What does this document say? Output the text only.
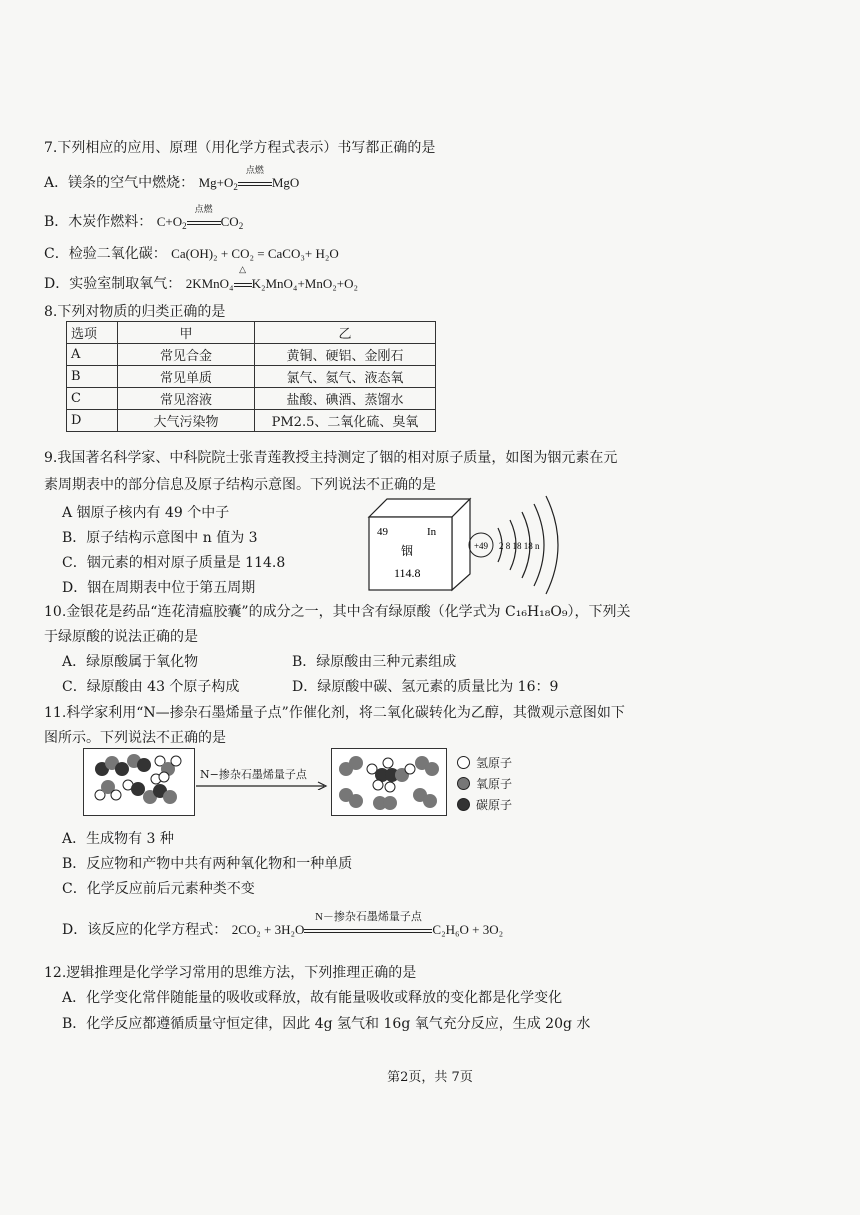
7.下列相应的应用、原理（用化学方程式表示）书写都正确的是
A．镁条的空气中燃烧： $Mg+O_2$
点燃
MgO
B．木炭作燃料： $C+O_2$
点燃
$CO_2$
C．检验二氧化碳： Ca(OH)₂ + CO₂ = CaCO₃+ H₂O
D．实验室制取氧气： 2KMnO₄
△
K₂MnO₄+MnO₂+O₂
8.下列对物质的归类正确的是
选项	甲	乙
A	常见合金	黄铜、硬铝、金刚石
B	常见单质	氯气、氦气、液态氧
C	常见溶液	盐酸、碘酒、蒸馏水
D	大气污染物	PM2.5、二氧化硫、臭氧
9.我国著名科学家、中科院院士张青莲教授主持测定了铟的相对原子质量，如图为铟元素在元
素周期表中的部分信息及原子结构示意图。下列说法不正确的是
A 铟原子核内有 49 个中子
B．原子结构示意图中 n 值为 3
C．铟元素的相对原子质量是 114.8
D．铟在周期表中位于第五周期
49	In
铟
114.8
+49 2 8 18 18 n
10.金银花是药品“连花清瘟胶囊”的成分之一，其中含有绿原酸（化学式为 C₁₆H₁₈O₉），下列关
于绿原酸的说法正确的是
A．绿原酸属于氧化物	B．绿原酸由三种元素组成
C．绿原酸由 43 个原子构成	D．绿原酸中碳、氢元素的质量比为 16：9
11.科学家利用“N—掺杂石墨烯量子点”作催化剂，将二氧化碳转化为乙醇，其微观示意图如下
图所示。下列说法不正确的是
N−掺杂石墨烯量子点
氢原子
氧原子
碳原子
A．生成物有 3 种
B．反应物和产物中共有两种氧化物和一种单质
C．化学反应前后元素种类不变
D．该反应的化学方程式： 2CO₂ + 3H₂O
N－掺杂石墨烯量子点
C₂H₆O + 3O₂
12.逻辑推理是化学学习常用的思维方法，下列推理正确的是
A．化学变化常伴随能量的吸收或释放，故有能量吸收或释放的变化都是化学变化
B．化学反应都遵循质量守恒定律，因此 4g 氢气和 16g 氧气充分反应，生成 20g 水
第2页，共 7页
